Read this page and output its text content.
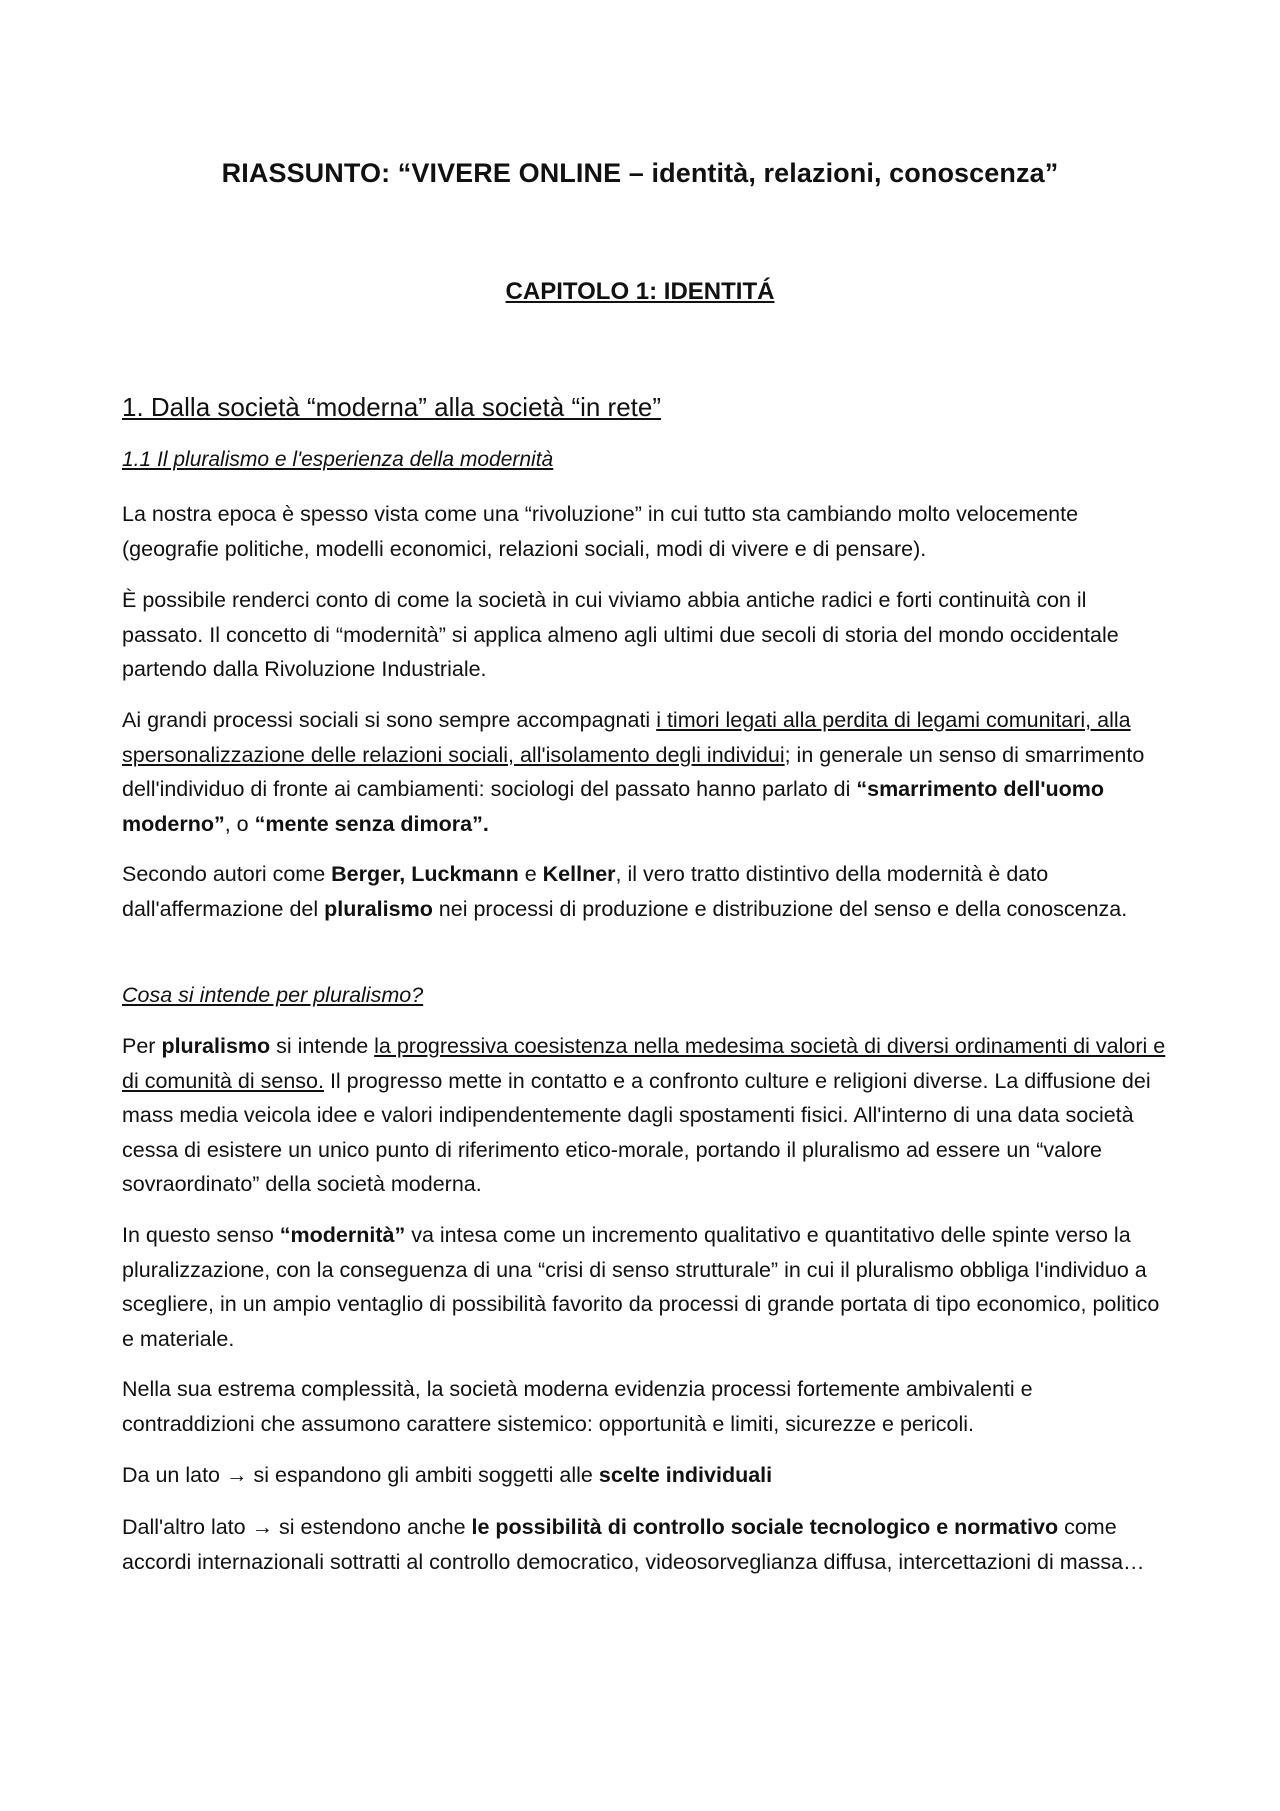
RIASSUNTO: “VIVERE ONLINE – identità, relazioni, conoscenza”
CAPITOLO 1: IDENTITÁ
1. Dalla società “moderna” alla società “in rete”
1.1 Il pluralismo e l'esperienza della modernità

La nostra epoca è spesso vista come una “rivoluzione” in cui tutto sta cambiando molto velocemente (geografie politiche, modelli economici, relazioni sociali, modi di vivere e di pensare).

È possibile renderci conto di come la società in cui viviamo abbia antiche radici e forti continuità con il passato. Il concetto di “modernità” si applica almeno agli ultimi due secoli di storia del mondo occidentale partendo dalla Rivoluzione Industriale.

Ai grandi processi sociali si sono sempre accompagnati i timori legati alla perdita di legami comunitari, alla spersonalizzazione delle relazioni sociali, all'isolamento degli individui; in generale un senso di smarrimento dell'individuo di fronte ai cambiamenti: sociologi del passato hanno parlato di “smarrimento dell'uomo moderno”, o “mente senza dimora”.

Secondo autori come Berger, Luckmann e Kellner, il vero tratto distintivo della modernità è dato dall'affermazione del pluralismo nei processi di produzione e distribuzione del senso e della conoscenza.

Cosa si intende per pluralismo?

Per pluralismo si intende la progressiva coesistenza nella medesima società di diversi ordinamenti di valori e di comunità di senso. Il progresso mette in contatto e a confronto culture e religioni diverse. La diffusione dei mass media veicola idee e valori indipendentemente dagli spostamenti fisici. All'interno di una data società cessa di esistere un unico punto di riferimento etico-morale, portando il pluralismo ad essere un “valore sovraordinato” della società moderna.

In questo senso “modernità” va intesa come un incremento qualitativo e quantitativo delle spinte verso la pluralizzazione, con la conseguenza di una “crisi di senso strutturale” in cui il pluralismo obbliga l'individuo a scegliere, in un ampio ventaglio di possibilità favorito da processi di grande portata di tipo economico, politico e materiale.

Nella sua estrema complessità, la società moderna evidenzia processi fortemente ambivalenti e contraddizioni che assumono carattere sistemico: opportunità e limiti, sicurezze e pericoli.

Da un lato → si espandono gli ambiti soggetti alle scelte individuali

Dall'altro lato → si estendono anche le possibilità di controllo sociale tecnologico e normativo come accordi internazionali sottratti al controllo democratico, videosorveglianza diffusa, intercettazioni di massa…
